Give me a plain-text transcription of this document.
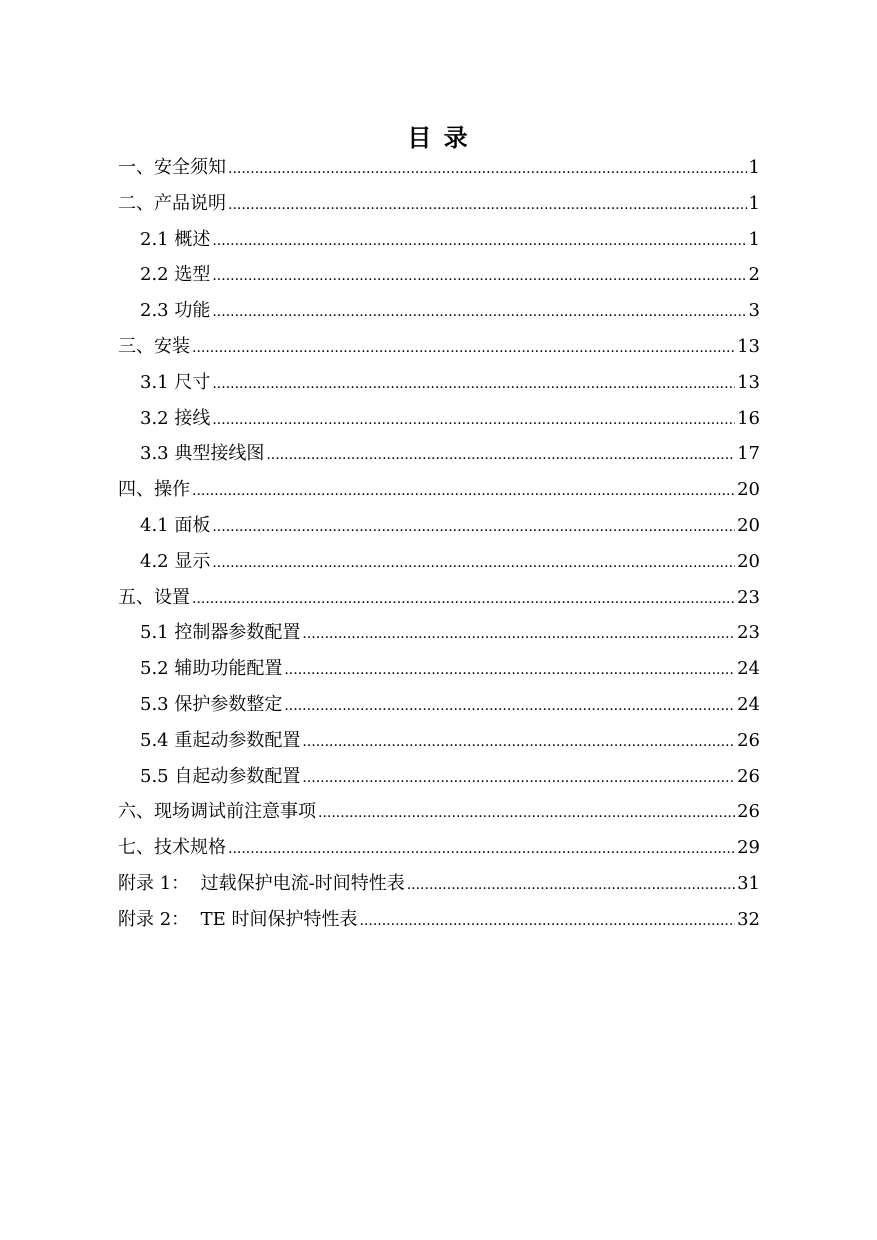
目 录
一、安全须知 .....	1
二、产品说明 .....	1
2.1 概述 .....	1
2.2 选型 .....	2
2.3 功能 .....	3
三、安装 .....	13
3.1 尺寸 .....	13
3.2 接线 .....	16
3.3 典型接线图 .....	17
四、操作 .....	20
4.1 面板 .....	20
4.2 显示 .....	20
五、设置 .....	23
5.1 控制器参数配置 .....	23
5.2 辅助功能配置 .....	24
5.3 保护参数整定 .....	24
5.4 重起动参数配置 .....	26
5.5 自起动参数配置 .....	26
六、现场调试前注意事项 .....	26
七、技术规格 .....	29
附录 1：  过载保护电流-时间特性表 .....	31
附录 2：  TE 时间保护特性表 .....	32
